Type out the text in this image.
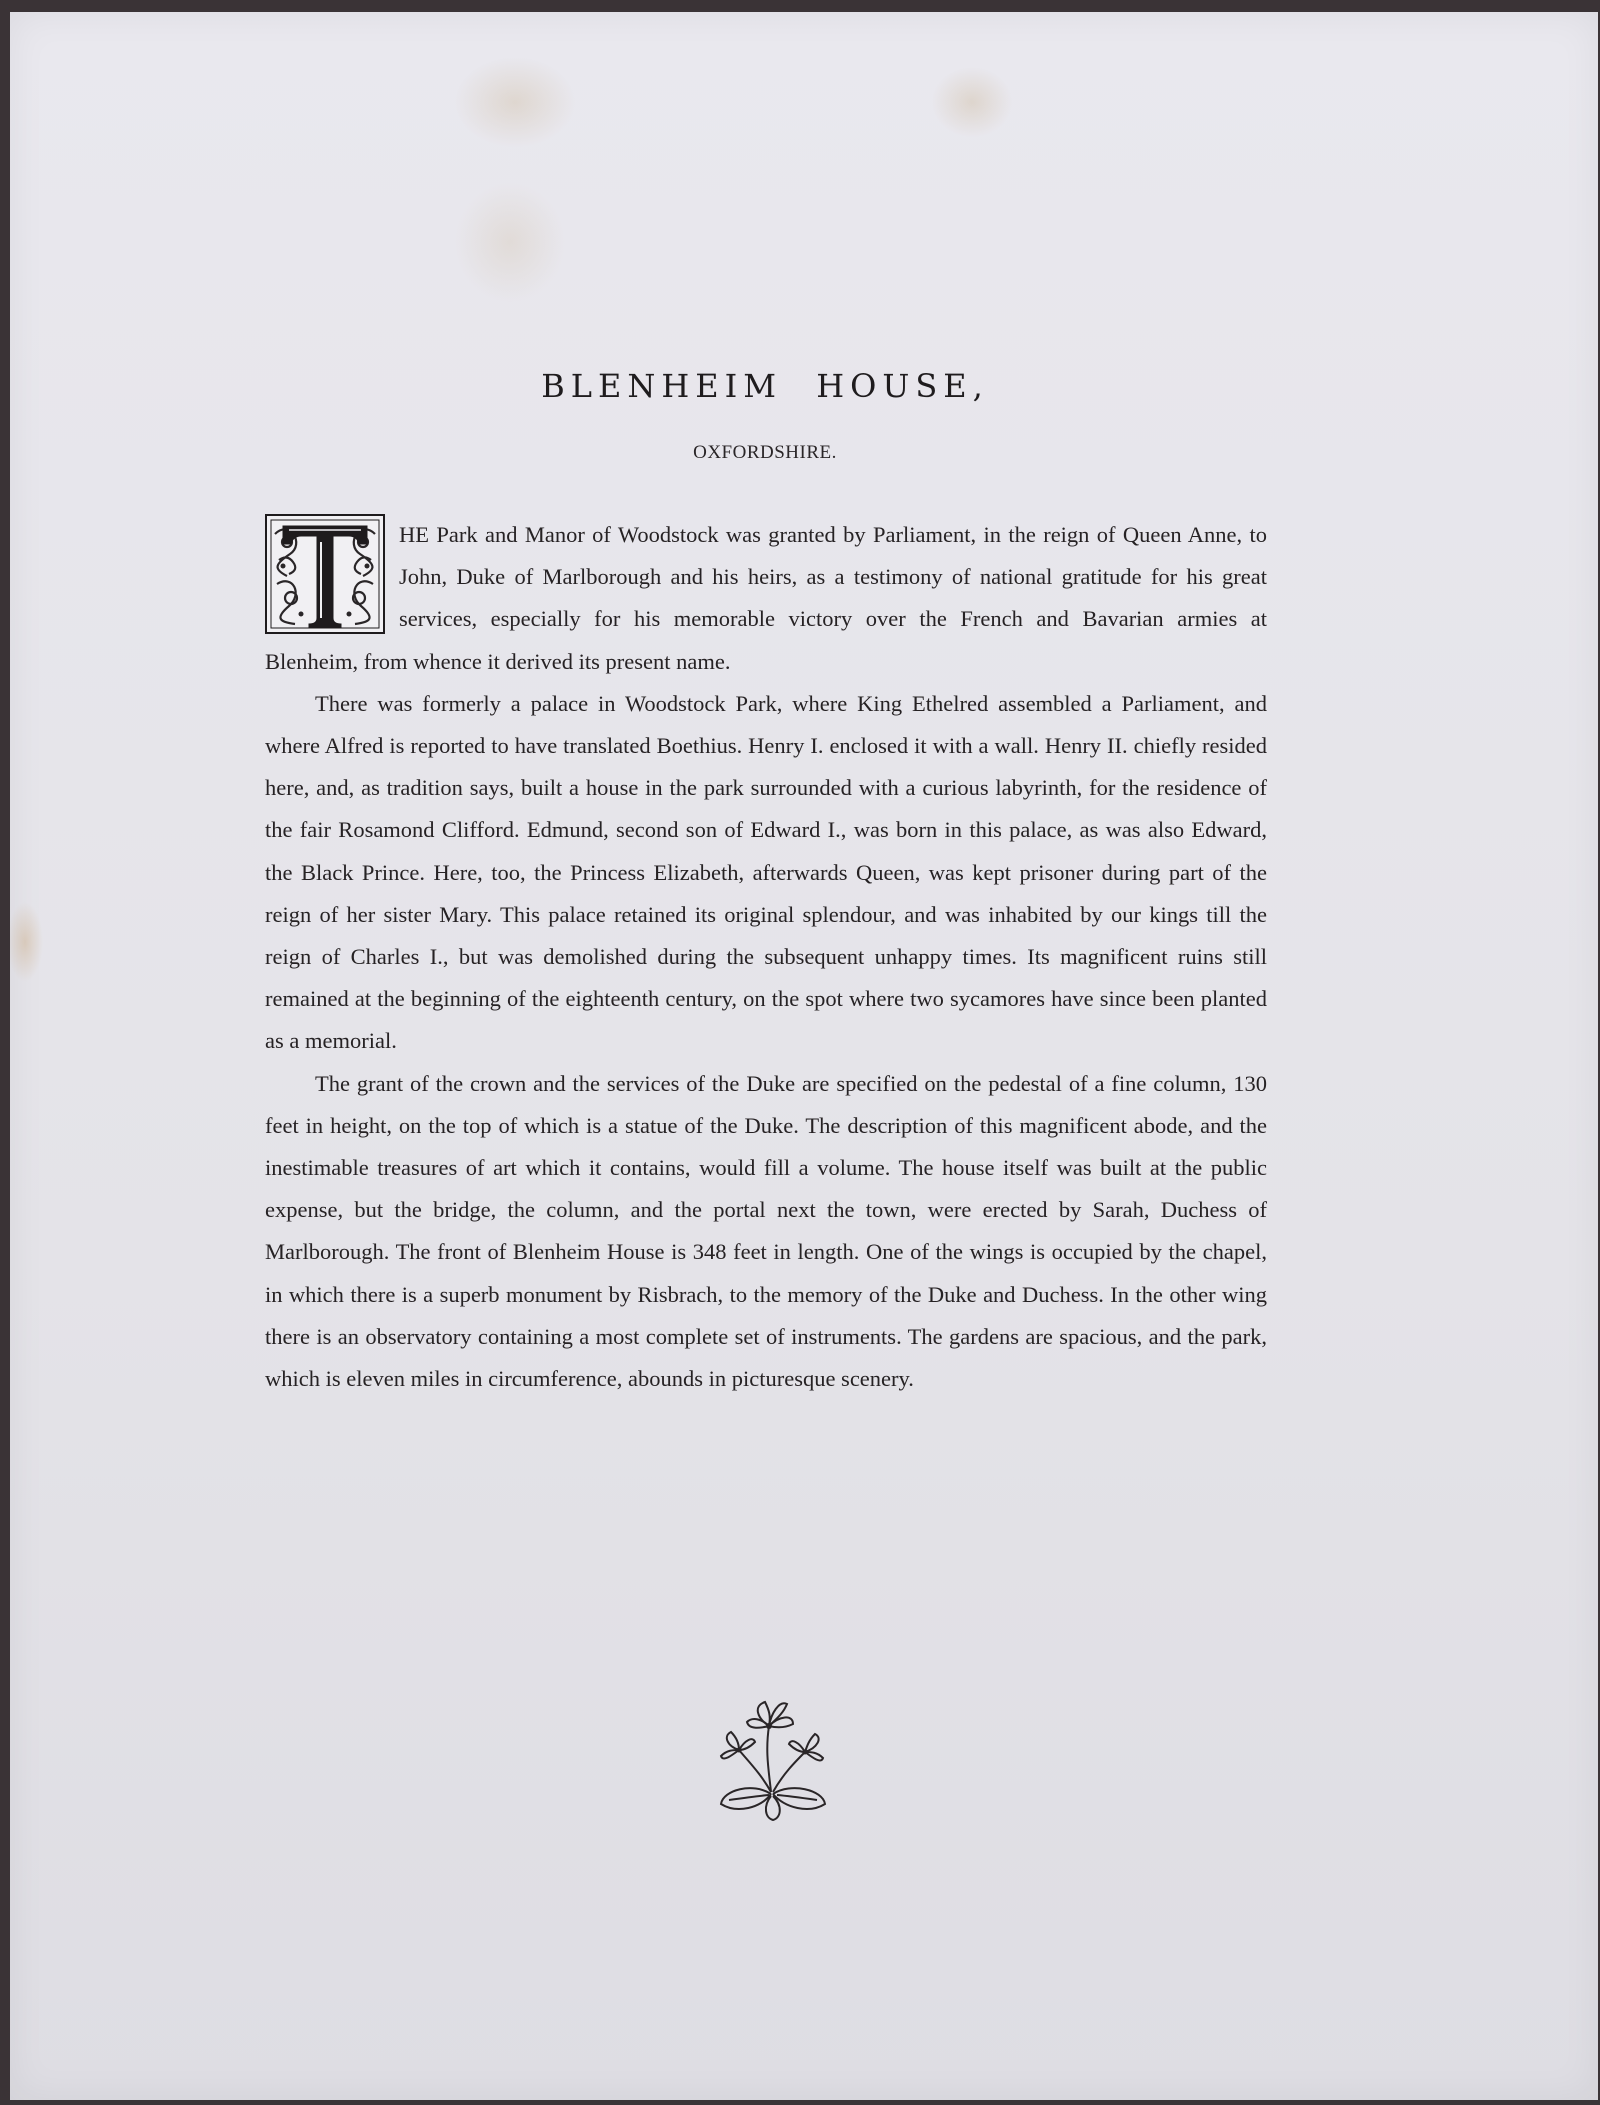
BLENHEIM HOUSE,
OXFORDSHIRE.

HE Park and Manor of Woodstock was granted by Parliament, in the reign of Queen Anne, to John, Duke of Marlborough and his heirs, as a testimony of national gratitude for his great services, especially for his memorable victory over the French and Bavarian armies at Blenheim, from whence it derived its present name.

There was formerly a palace in Woodstock Park, where King Ethelred assembled a Parliament, and where Alfred is reported to have translated Boethius. Henry I. enclosed it with a wall. Henry II. chiefly resided here, and, as tradition says, built a house in the park surrounded with a curious labyrinth, for the residence of the fair Rosamond Clifford. Edmund, second son of Edward I., was born in this palace, as was also Edward, the Black Prince. Here, too, the Princess Elizabeth, afterwards Queen, was kept prisoner during part of the reign of her sister Mary. This palace retained its original splendour, and was inhabited by our kings till the reign of Charles I., but was demolished during the subsequent unhappy times. Its magnificent ruins still remained at the beginning of the eighteenth century, on the spot where two sycamores have since been planted as a memorial.

The grant of the crown and the services of the Duke are specified on the pedestal of a fine column, 130 feet in height, on the top of which is a statue of the Duke. The description of this magnificent abode, and the inestimable treasures of art which it contains, would fill a volume. The house itself was built at the public expense, but the bridge, the column, and the portal next the town, were erected by Sarah, Duchess of Marlborough. The front of Blenheim House is 348 feet in length. One of the wings is occupied by the chapel, in which there is a superb monument by Risbrach, to the memory of the Duke and Duchess. In the other wing there is an observatory containing a most complete set of instruments. The gardens are spacious, and the park, which is eleven miles in circumference, abounds in picturesque scenery.
